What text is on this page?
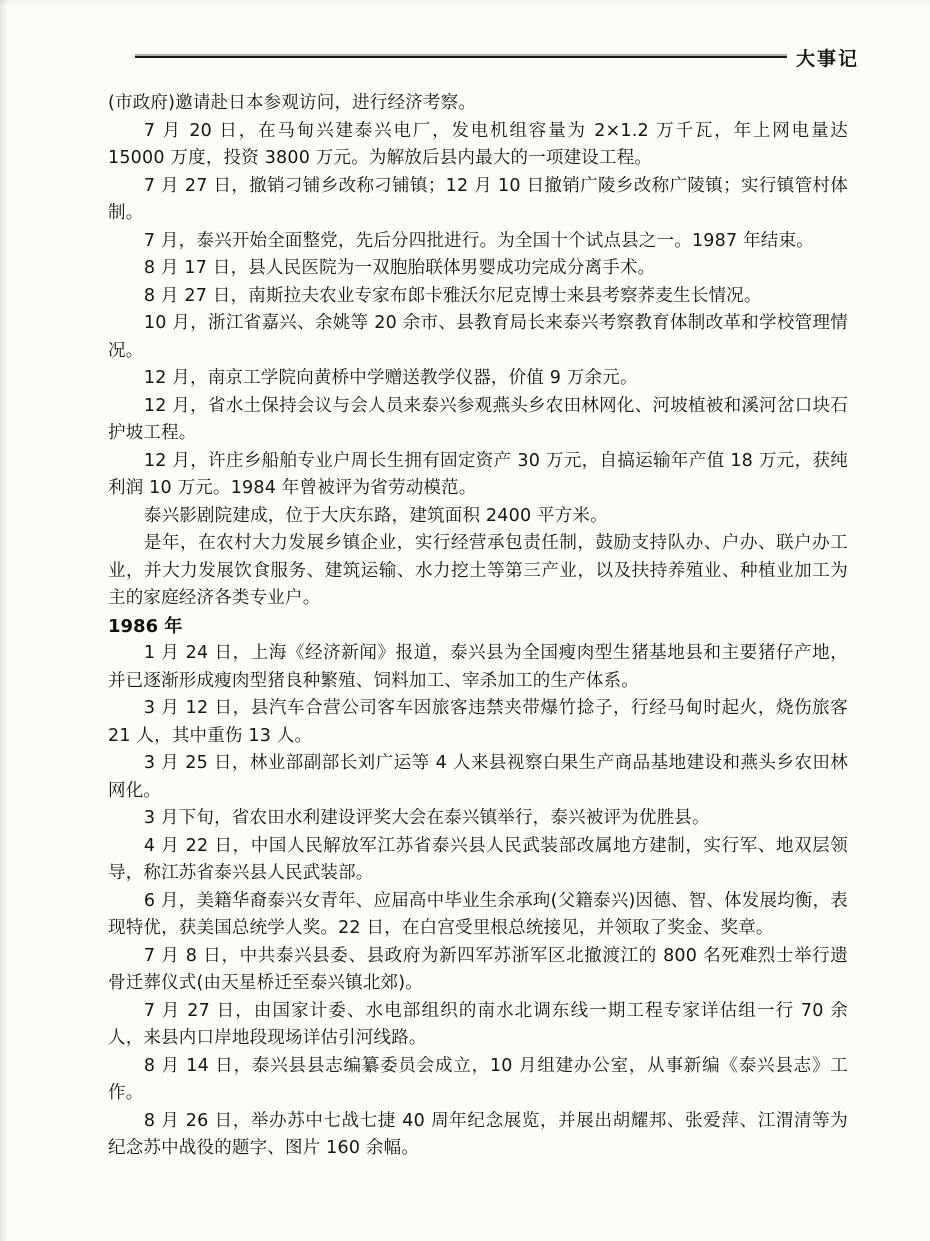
大事记

(市政府)邀请赴日本参观访问，进行经济考察。

7 月 20 日，在马甸兴建泰兴电厂，发电机组容量为 2×1.2 万千瓦，年上网电量达 15000 万度，投资 3800 万元。为解放后县内最大的一项建设工程。

7 月 27 日，撤销刁铺乡改称刁铺镇；12 月 10 日撤销广陵乡改称广陵镇；实行镇管村体制。

7 月，泰兴开始全面整党，先后分四批进行。为全国十个试点县之一。1987 年结束。

8 月 17 日，县人民医院为一双胞胎联体男婴成功完成分离手术。

8 月 27 日，南斯拉夫农业专家布郎卡雅沃尔尼克博士来县考察荞麦生长情况。

10 月，浙江省嘉兴、余姚等 20 余市、县教育局长来泰兴考察教育体制改革和学校管理情况。

12 月，南京工学院向黄桥中学赠送教学仪器，价值 9 万余元。

12 月，省水土保持会议与会人员来泰兴参观燕头乡农田林网化、河坡植被和溪河岔口块石护坡工程。

12 月，许庄乡船舶专业户周长生拥有固定资产 30 万元，自搞运输年产值 18 万元，获纯利润 10 万元。1984 年曾被评为省劳动模范。

泰兴影剧院建成，位于大庆东路，建筑面积 2400 平方米。

是年，在农村大力发展乡镇企业，实行经营承包责任制，鼓励支持队办、户办、联户办工业，并大力发展饮食服务、建筑运输、水力挖土等第三产业，以及扶持养殖业、种植业加工为主的家庭经济各类专业户。

1986 年

1 月 24 日，上海《经济新闻》报道，泰兴县为全国瘦肉型生猪基地县和主要猪仔产地，并已逐渐形成瘦肉型猪良种繁殖、饲料加工、宰杀加工的生产体系。

3 月 12 日，县汽车合营公司客车因旅客违禁夹带爆竹捻子，行经马甸时起火，烧伤旅客 21 人，其中重伤 13 人。

3 月 25 日，林业部副部长刘广运等 4 人来县视察白果生产商品基地建设和燕头乡农田林网化。

3 月下旬，省农田水利建设评奖大会在泰兴镇举行，泰兴被评为优胜县。

4 月 22 日，中国人民解放军江苏省泰兴县人民武装部改属地方建制，实行军、地双层领导，称江苏省泰兴县人民武装部。

6 月，美籍华裔泰兴女青年、应届高中毕业生余承珣(父籍泰兴)因德、智、体发展均衡，表现特优，获美国总统学人奖。22 日，在白宫受里根总统接见，并领取了奖金、奖章。

7 月 8 日，中共泰兴县委、县政府为新四军苏浙军区北撤渡江的 800 名死难烈士举行遗骨迁葬仪式(由天星桥迁至泰兴镇北郊)。

7 月 27 日，由国家计委、水电部组织的南水北调东线一期工程专家详估组一行 70 余人，来县内口岸地段现场详估引河线路。

8 月 14 日，泰兴县县志编纂委员会成立，10 月组建办公室，从事新编《泰兴县志》工作。

8 月 26 日，举办苏中七战七捷 40 周年纪念展览，并展出胡耀邦、张爱萍、江渭清等为纪念苏中战役的题字、图片 160 余幅。
